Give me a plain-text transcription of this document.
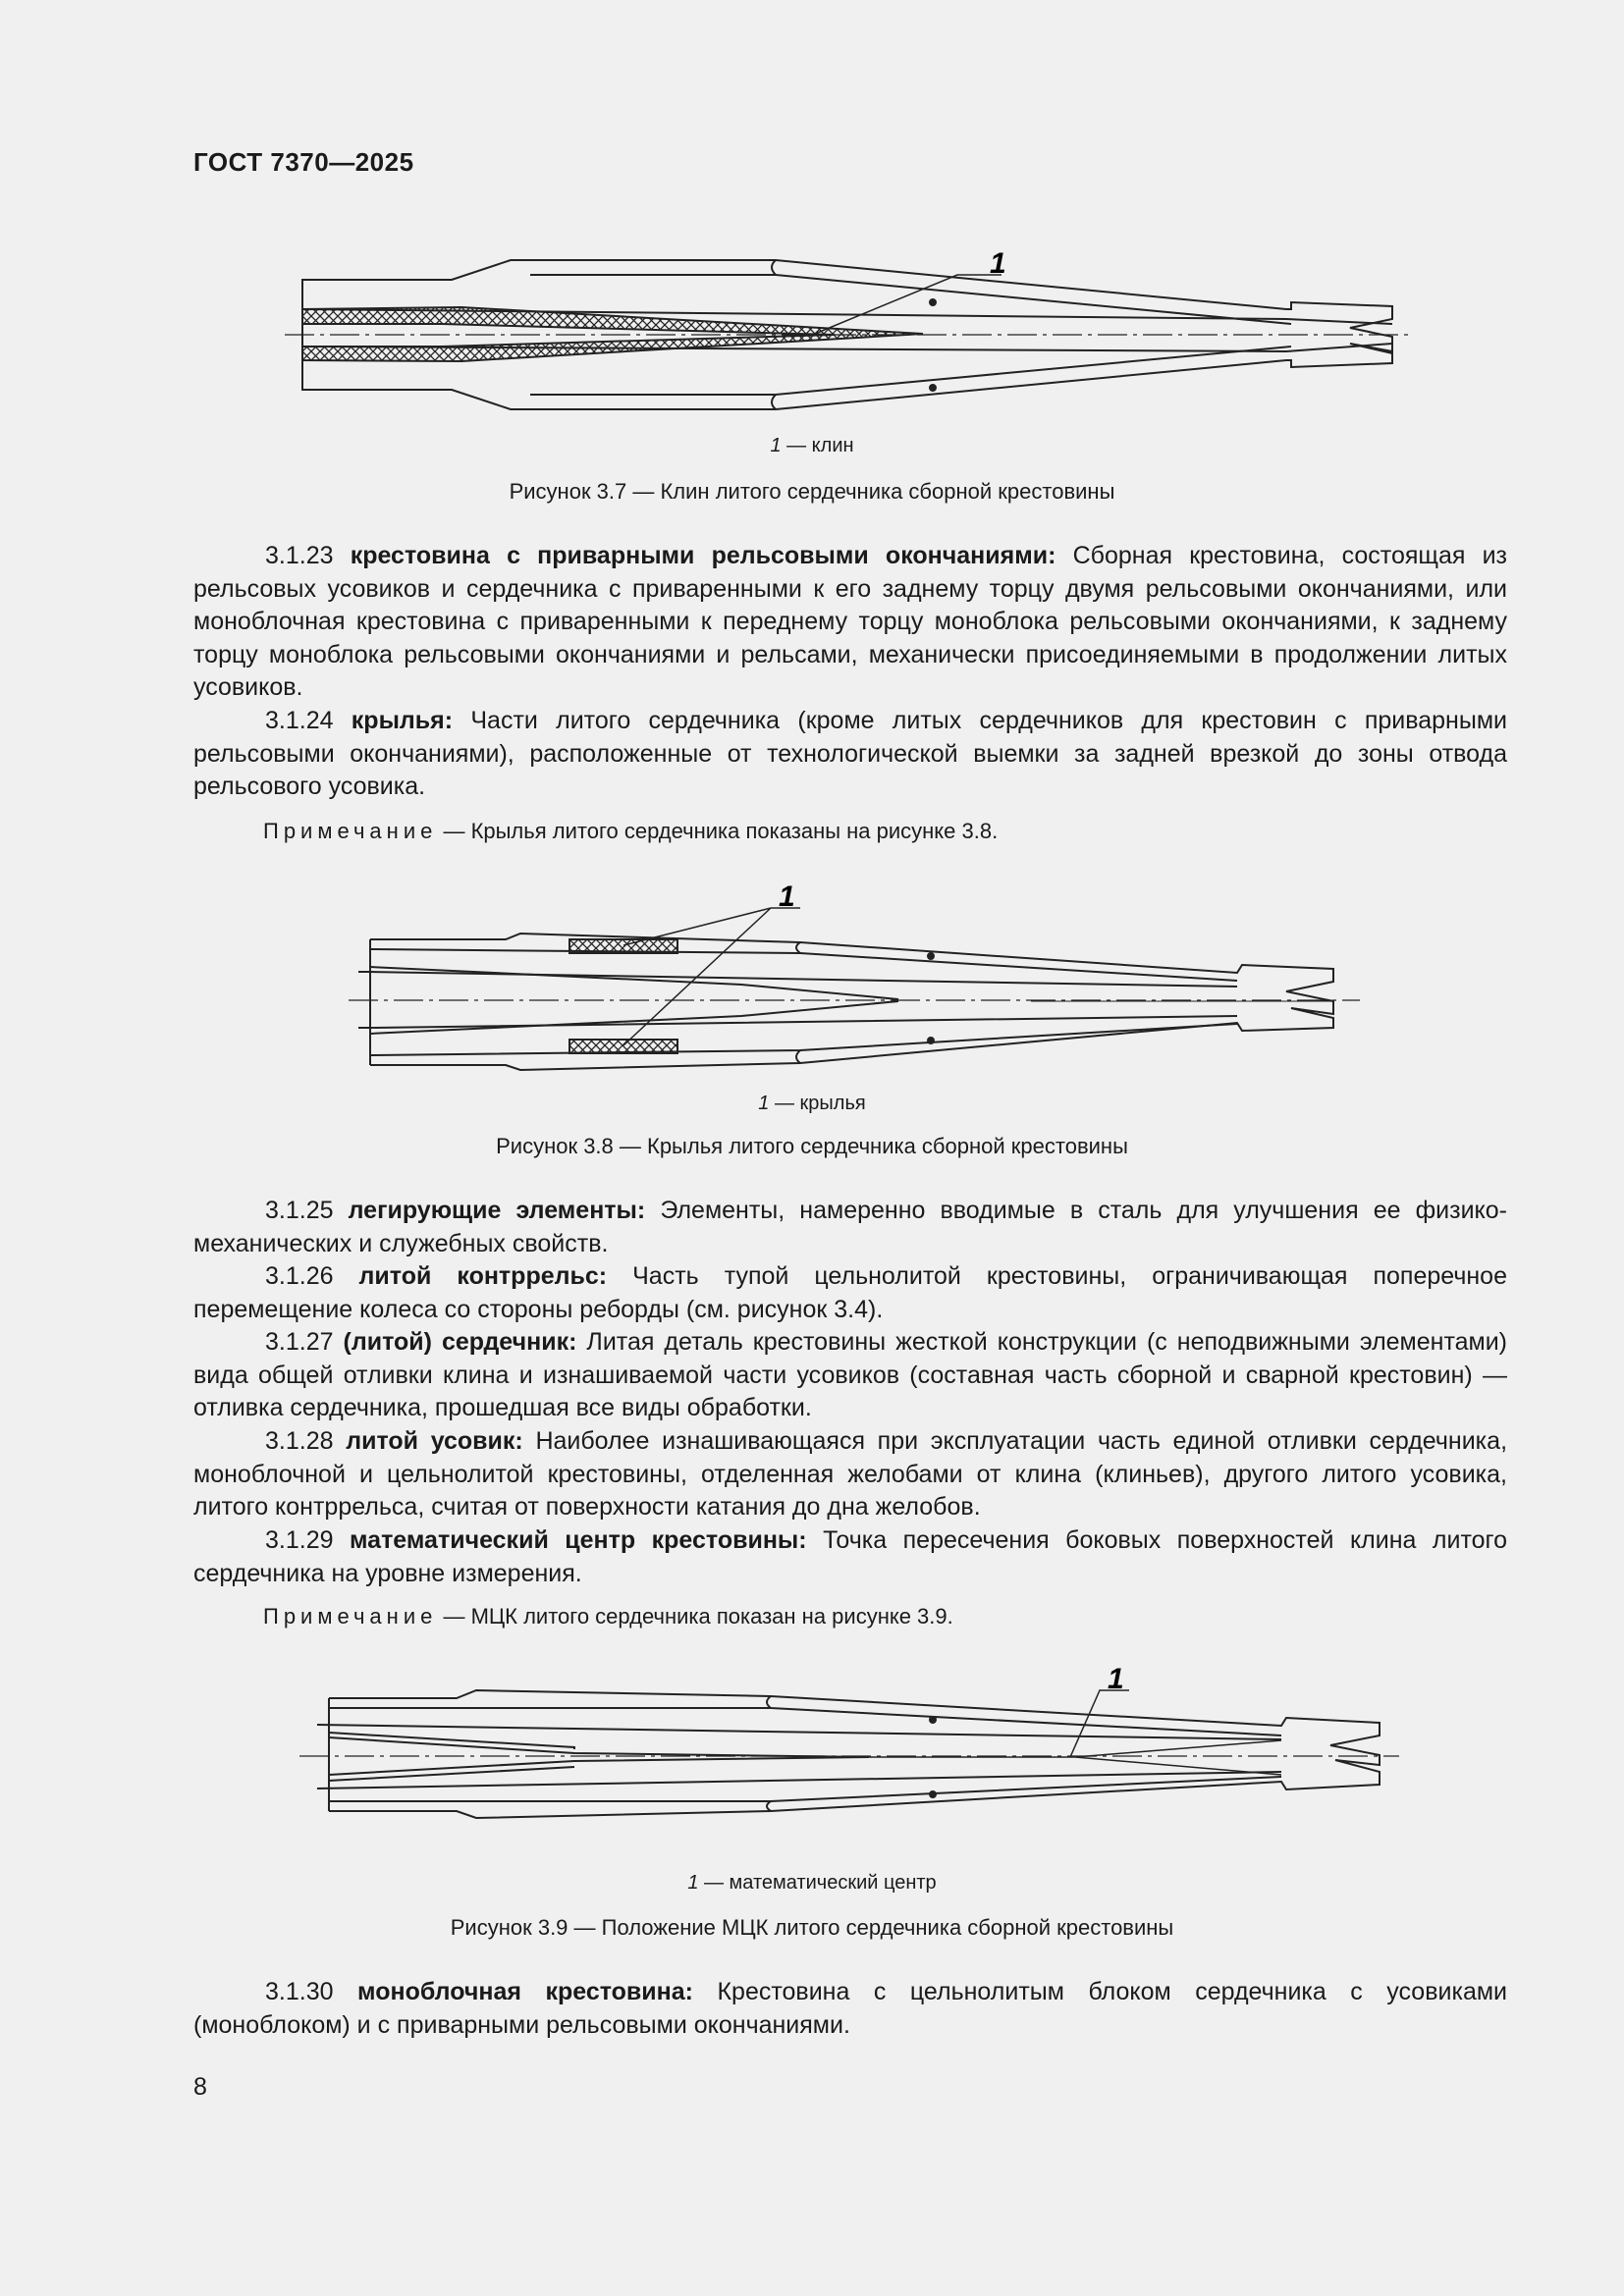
ГОСТ 7370—2025
1
1 — клин
Рисунок 3.7 — Клин литого сердечника сборной крестовины
3.1.23 крестовина с приварными рельсовыми окончаниями: Сборная крестовина, состоящая из рельсовых усовиков и сердечника с приваренными к его заднему торцу двумя рельсовыми окончаниями, или моноблочная крестовина с приваренными к переднему торцу моноблока рельсовыми окончаниями, к заднему торцу моноблока рельсовыми окончаниями и рельсами, механически присоединяемыми в продолжении литых усовиков.
3.1.24 крылья: Части литого сердечника (кроме литых сердечников для крестовин с приварными рельсовыми окончаниями), расположенные от технологической выемки за задней врезкой до зоны отвода рельсового усовика.
Примечание — Крылья литого сердечника показаны на рисунке 3.8.
1
1 — крылья
Рисунок 3.8 — Крылья литого сердечника сборной крестовины
3.1.25 легирующие элементы: Элементы, намеренно вводимые в сталь для улучшения ее физико-механических и служебных свойств.
3.1.26 литой контррельс: Часть тупой цельнолитой крестовины, ограничивающая поперечное перемещение колеса со стороны реборды (см. рисунок 3.4).
3.1.27 (литой) сердечник: Литая деталь крестовины жесткой конструкции (с неподвижными элементами) вида общей отливки клина и изнашиваемой части усовиков (составная часть сборной и сварной крестовин) — отливка сердечника, прошедшая все виды обработки.
3.1.28 литой усовик: Наиболее изнашивающаяся при эксплуатации часть единой отливки сердечника, моноблочной и цельнолитой крестовины, отделенная желобами от клина (клиньев), другого литого усовика, литого контррельса, считая от поверхности катания до дна желобов.
3.1.29 математический центр крестовины: Точка пересечения боковых поверхностей клина литого сердечника на уровне измерения.
Примечание — МЦК литого сердечника показан на рисунке 3.9.
1
1 — математический центр
Рисунок 3.9 — Положение МЦК литого сердечника сборной крестовины
3.1.30 моноблочная крестовина: Крестовина с цельнолитым блоком сердечника с усовиками (моноблоком) и с приварными рельсовыми окончаниями.
8
